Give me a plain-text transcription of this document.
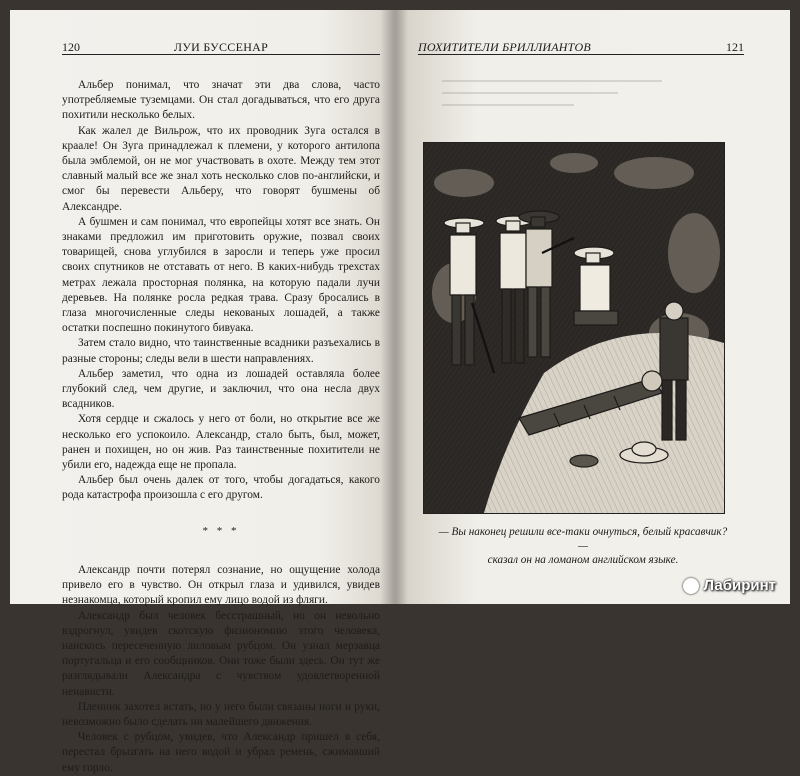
120	ЛУИ БУССЕНАР

Альбер понимал, что значат эти два слова, часто употребляемые туземцами. Он стал догадываться, что его друга похитили несколько белых.

Как жалел де Вильрож, что их проводник Зуга остался в краале! Он Зуга принадлежал к племени, у которого антилопа была эмблемой, он не мог участвовать в охоте. Между тем этот славный малый все же знал хоть несколько слов по-английски, и смог бы перевести Альберу, что говорят бушмены об Александре.

А бушмен и сам понимал, что европейцы хотят все знать. Он знаками предложил им приготовить оружие, позвал своих товарищей, снова углубился в заросли и теперь уже просил своих спутников не отставать от него. В каких-нибудь трехстах метрах лежала просторная полянка, на которую падали лучи деревьев. На полянке росла редкая трава. Сразу бросались в глаза многочисленные следы некованых лошадей, а также остатки поспешно покинутого бивуака.

Затем стало видно, что таинственные всадники разъехались в разные стороны; следы вели в шести направлениях.

Альбер заметил, что одна из лошадей оставляла более глубокий след, чем другие, и заключил, что она несла двух всадников.

Хотя сердце и сжалось у него от боли, но открытие все же несколько его успокоило. Александр, стало быть, был, может, ранен и похищен, но он жив. Раз таинственные похитители не убили его, надежда еще не пропала.

Альбер был очень далек от того, чтобы догадаться, какого рода катастрофа произошла с его другом.

* * *

Александр почти потерял сознание, но ощущение холода привело его в чувство. Он открыл глаза и удивился, увидев незнакомца, который кропил ему лицо водой из фляги.

Александр был человек бесстрашный, но он невольно вздрогнул, увидев скотскую физиономию этого человека, наискось пересеченную лиловым рубцом. Он узнал мерзавца португальца и его сообщников. Они тоже были здесь. Он тут же разглядывали Александра с чувством удовлетворенной ненависти.

Пленник захотел встать, но у него были связаны ноги и руки, невозможно было сделать ни малейшего движения.

Человек с рубцом, увидев, что Александр пришел в себя, перестал брызгать на него водой и убрал ремень, сжимавший ему горло.

ПОХИТИТЕЛИ БРИЛЛИАНТОВ	121
— Вы наконец решили все-таки очнуться, белый красавчик? —
сказал он на ломаном английском языке.
Лабиринт
